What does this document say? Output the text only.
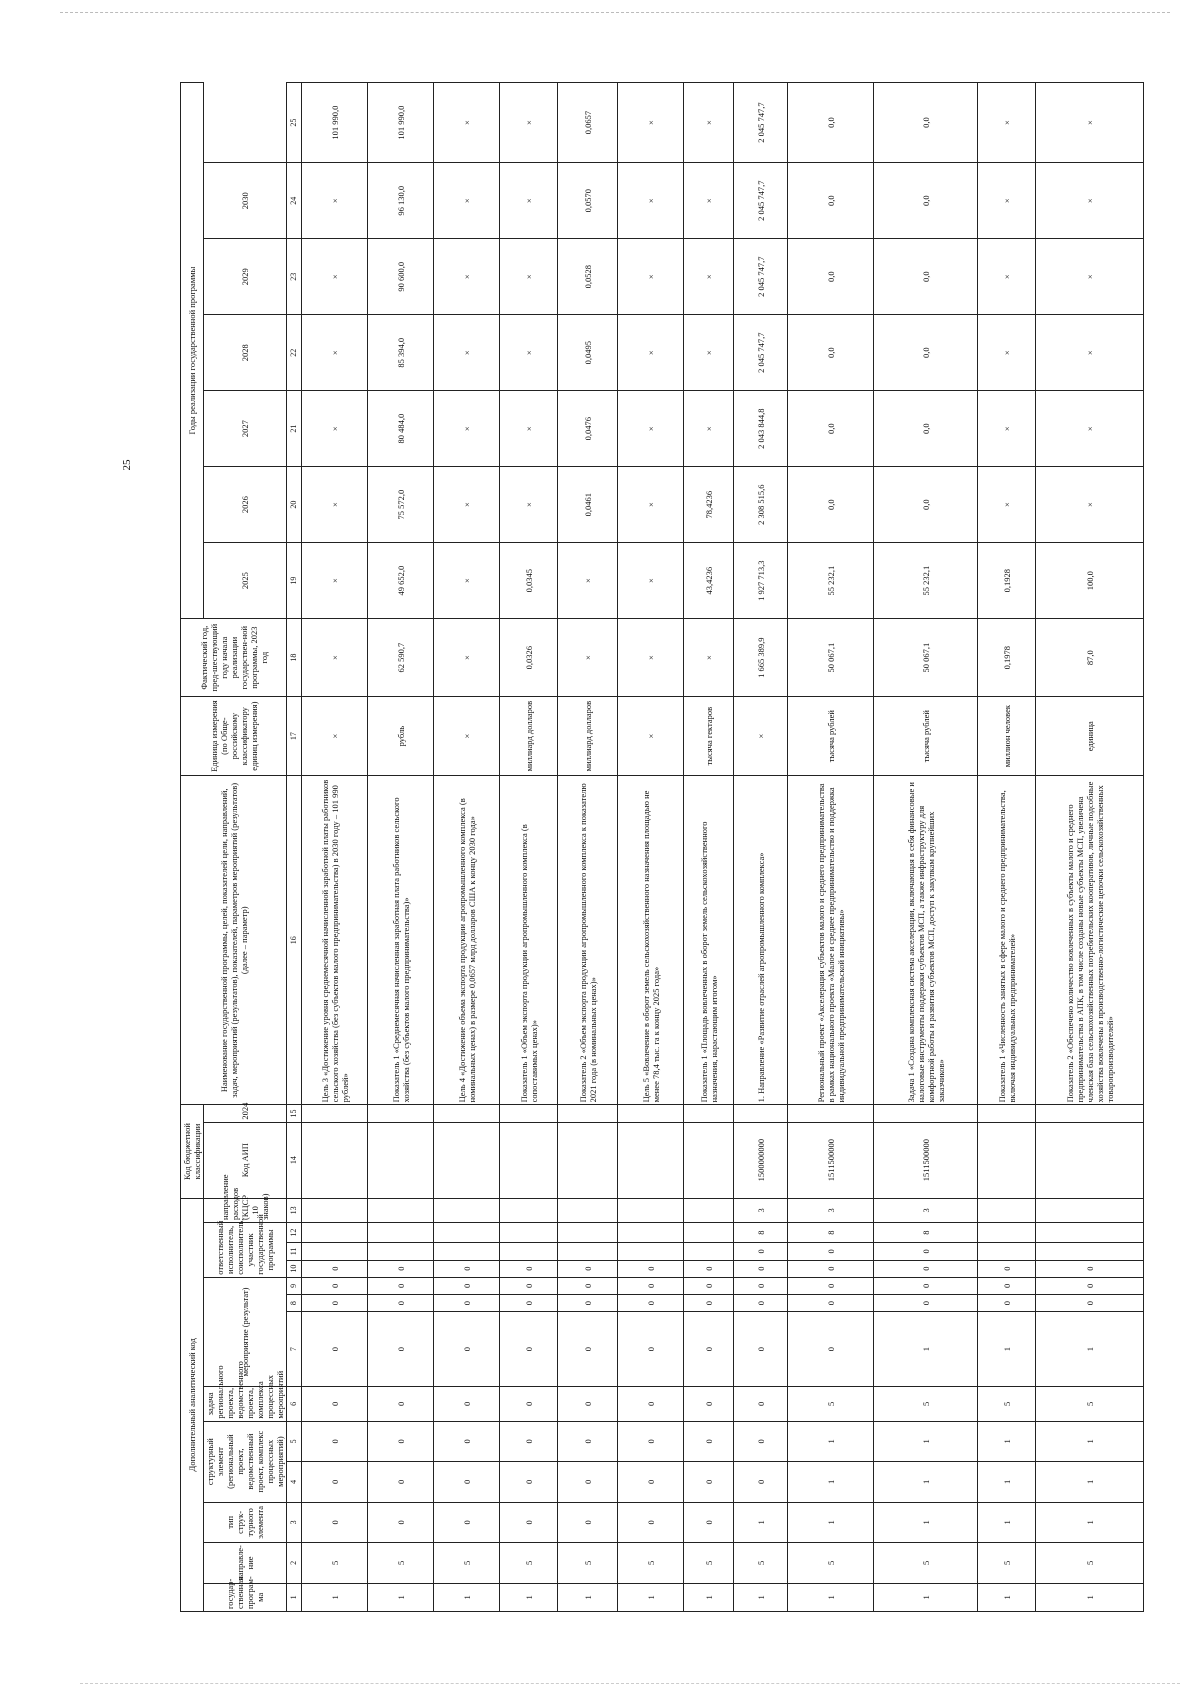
25
Дополнительный аналитический код													Код бюджетной классификации		Наименование государственной программы, целей, показателей цели, направлений, задач, мероприятий (результатов), показателей, параметров мероприятий (результатов) (далее – параметр)	Единица измерения (по Обще-российскому классификатору единиц измерения)	Фактический год, пред-шествующий году начала реализации государствен-ной программы, 2023 год	Годы реализации государственной программы						
государ-ственная програм-ма	направле-ние	тип струк-турного элемента	структурный элемент (региональный проект, ведомственный проект, комплекс процессных мероприятий)		задача регионального проекта, ведомственного проекта, комплекса процессных мероприятий	мероприятие (результат)			ответственный исполнитель, соисполнитель, участник государственной программы			направление расходов (КЦСР 10 знаков)	Код АИП	2024				2025	2026	2027	2028	2029	2030	
1	2	3	4	5	6	7	8	9	10	11	12	13	14	15	16	17	18	19	20	21	22	23	24	25
1	5	0	0	0	0	0	0	0	0						Цель 3 «Достижение уровня среднемесячной начисленной заработной платы работников сельского хозяйства (без субъектов малого предпринимательства) в 2030 году – 101 990 рублей»	×	×	×	×	×	×	×	×	101 990,0
1	5	0	0	0	0	0	0	0	0						Показатель 1 «Среднемесячная начисленная заработная плата работников сельского хозяйства (без субъектов малого предпринимательства)»	рубль	62 590,7	49 652,0	75 572,0	80 484,0	85 394,0	90 600,0	96 130,0	101 990,0
1	5	0	0	0	0	0	0	0	0						Цель 4 «Достижение объема экспорта продукции агропромышленного комплекса (в номинальных ценах) в размере 0,0657 млрд долларов США к концу 2030 года»	×	×	×	×	×	×	×	×	×
1	5	0	0	0	0	0	0	0	0						Показатель 1 «Объем экспорта продукции агропромышленного комплекса (в сопоставимых ценах)»	миллиард долларов	0,0326	0,0345	×	×	×	×	×	×
1	5	0	0	0	0	0	0	0	0						Показатель 2 «Объем экспорта продукции агропромышленного комплекса к показателю 2021 года (в номинальных ценах)»	миллиард долларов	×	×	0,0461	0,0476	0,0495	0,0528	0,0570	0,0657
1	5	0	0	0	0	0	0	0	0						Цель 5 «Вовлечение в оборот земель сельскохозяйственного назначения площадью не менее 78,4 тыс. га к концу 2025 года»	×	×	×	×	×	×	×	×	×
1	5	0	0	0	0	0	0	0	0						Показатель 1 «Площадь вовлеченных в оборот земель сельскохозяйственного назначения, нарастающим итогом»	тысяча гектаров	×	43,4236	78,4236	×	×	×	×	×
1	5	1	0	0	0	0	0	0	0	0	8	3	1500000000		1. Направление «Развитие отраслей агропромышленного комплекса»	×	1 665 389,9	1 927 713,3	2 308 515,6	2 043 844,8	2 045 747,7	2 045 747,7	2 045 747,7	2 045 747,7
1	5	1	1	1	5	0	0	0	0	0	8	3	1511500000		Региональный проект «Акселерация субъектов малого и среднего предпринимательства в рамках национального проекта «Малое и среднее предпринимательство и поддержка индивидуальной предпринимательской инициативы»	тысяча рублей	50 067,1	55 232,1	0,0	0,0	0,0	0,0	0,0	0,0
1	5	1	1	1	5	1	0	0	0	0	8	3	1511500000		Задача 1 «Создана комплексная система акселерации, включающая в себя финансовые и налоговые инструменты поддержки субъектов МСП, а также инфраструктуру для комфортной работы и развития субъектов МСП, доступ к закупкам крупнейших заказчиков»	тысяча рублей	50 067,1	55 232,1	0,0	0,0	0,0	0,0	0,0	0,0
1	5	1	1	1	5	1	0	0	0						Показатель 1 «Численность занятых в сфере малого и среднего предпринимательства, включая индивидуальных предпринимателей»	миллион человек	0,1978	0,1928	×	×	×	×	×	×
1	5	1	1	1	5	1	0	0	0						Показатель 2 «Обеспечено количество вовлеченных в субъекты малого и среднего предпринимательства в АПК, в том числе созданы новые субъекты МСП, увеличена членская база сельскохозяйственных потребительских кооперативов, личные подсобные хозяйства вовлечены в производственно-логистические цепочки сельскохозяйственных товаропроизводителей»	единица	87,0	100,0	×	×	×	×	×	×
